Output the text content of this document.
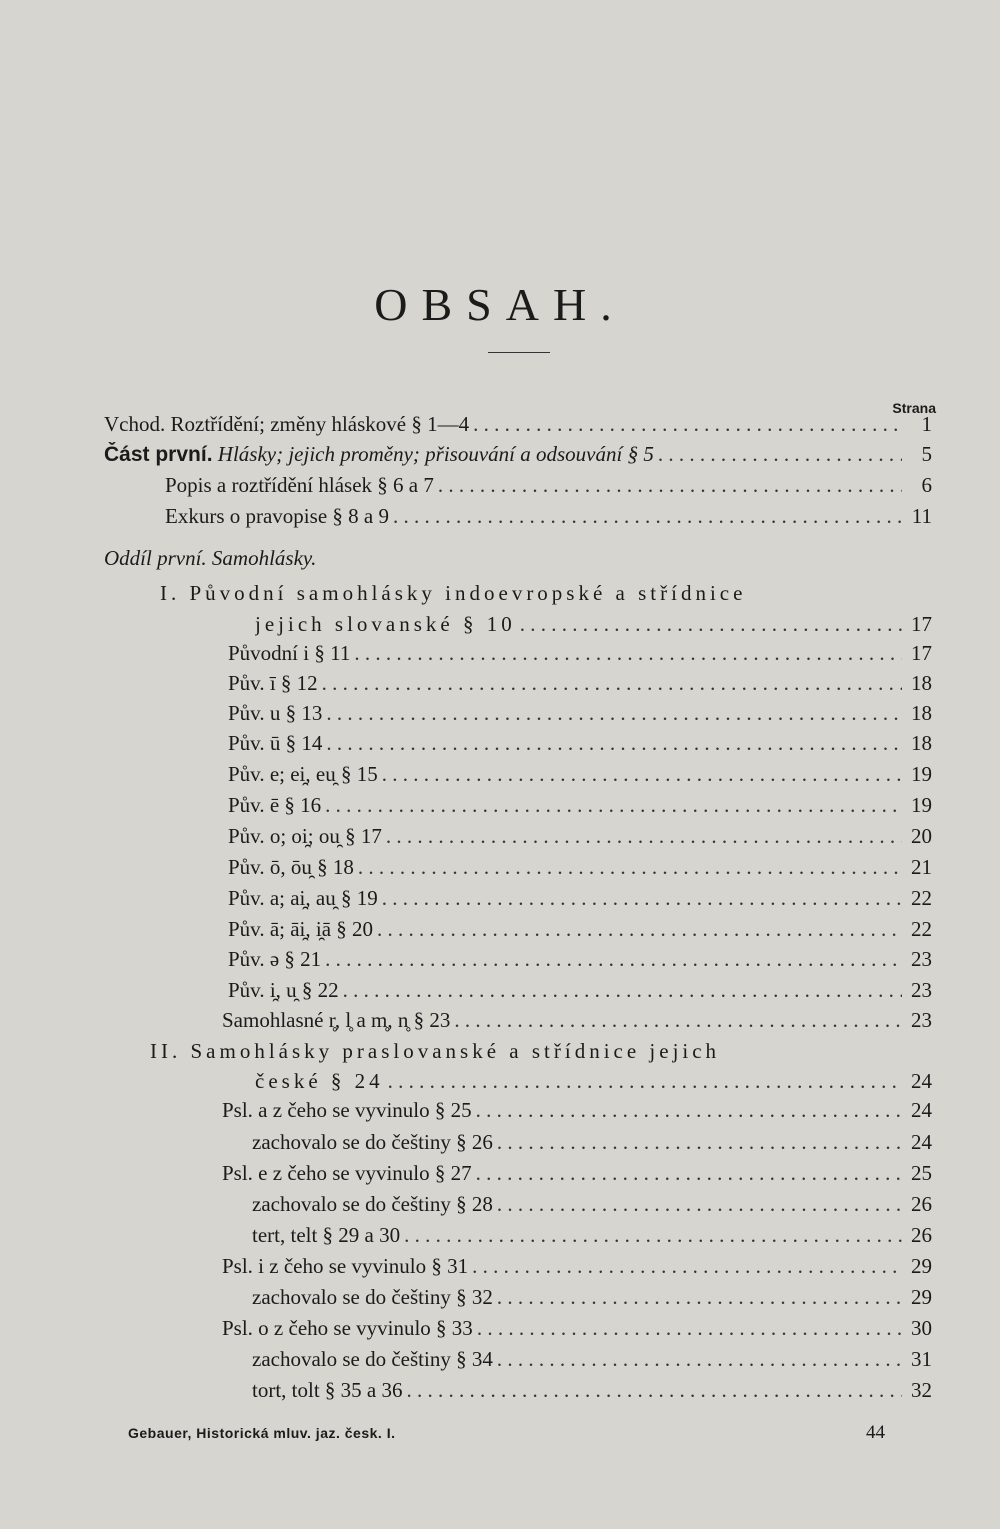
OBSAH.
Strana
Vchod. Roztřídění; změny hláskové § 1—4 . . .	1
Část první. Hlásky; jejich proměny; přisouvání a odsouvání § 5 . . .	5
Popis a roztřídění hlásek § 6 a 7 . . .	6
Exkurs o pravopise § 8 a 9 . . .	11
Oddíl první. Samohlásky.
I. Původní samohlásky indoevropské a střídnice
jejich slovanské § 10 . . .	17
Původní i § 11 . . .	17
Pův. ī § 12 . . .	18
Pův. u § 13 . . .	18
Pův. ū § 14 . . .	18
Pův. e; ei̯, eu̯ § 15 . . .	19
Pův. ē § 16 . . .	19
Pův. o; oi̯; ou̯ § 17 . . .	20
Pův. ō, ōu̯ § 18 . . .	21
Pův. a; ai̯, au̯ § 19 . . .	22
Pův. ā; āi̯, i̯ā § 20 . . .	22
Pův. ə § 21 . . .	23
Pův. i̯, u̯ § 22 . . .	23
Samohlasné r̥, l̥ a m̥, n̥ § 23 . . .	23
II. Samohlásky praslovanské a střídnice jejich
české § 24 . . .	24
Psl. a z čeho se vyvinulo § 25 . . .	24
zachovalo se do češtiny § 26 . . .	24
Psl. e z čeho se vyvinulo § 27 . . .	25
zachovalo se do češtiny § 28 . . .	26
tert, telt § 29 a 30 . . .	26
Psl. i z čeho se vyvinulo § 31 . . .	29
zachovalo se do češtiny § 32 . . .	29
Psl. o z čeho se vyvinulo § 33 . . .	30
zachovalo se do češtiny § 34 . . .	31
tort, tolt § 35 a 36 . . .	32
Gebauer, Historická mluv. jaz. česk. I.	44
